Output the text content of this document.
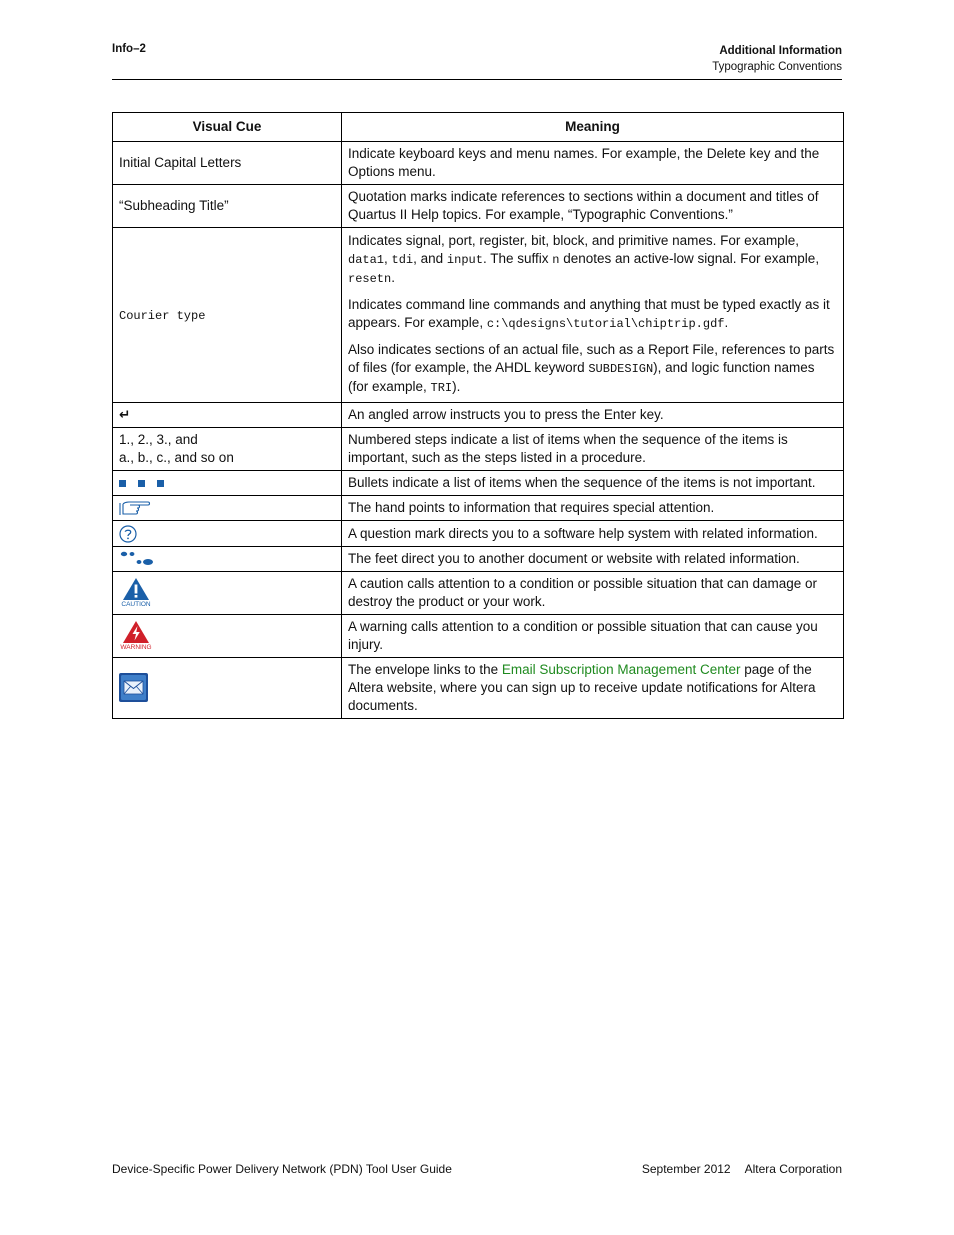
Info–2	Additional Information
Typographic Conventions
Visual Cue	Meaning
Initial Capital Letters	Indicate keyboard keys and menu names. For example, the Delete key and the Options menu.
“Subheading Title”	Quotation marks indicate references to sections within a document and titles of Quartus II Help topics. For example, “Typographic Conventions.”
Courier type	Indicates signal, port, register, bit, block, and primitive names. For example, data1, tdi, and input. The suffix n denotes an active-low signal. For example, resetn.

Indicates command line commands and anything that must be typed exactly as it appears. For example, c:\qdesigns\tutorial\chiptrip.gdf.

Also indicates sections of an actual file, such as a Report File, references to parts of files (for example, the AHDL keyword SUBDESIGN), and logic function names (for example, TRI).

↵	An angled arrow instructs you to press the Enter key.

1., 2., 3., and
a., b., c., and so on	Numbered steps indicate a list of items when the sequence of the items is important, such as the steps listed in a procedure.
	Bullets indicate a list of items when the sequence of the items is not important.
	The hand points to information that requires special attention.
	A question mark directs you to a software help system with related information.
	The feet direct you to another document or website with related information.

CAUTION	A caution calls attention to a condition or possible situation that can damage or destroy the product or your work.

WARNING	A warning calls attention to a condition or possible situation that can cause you injury.
	The envelope links to the Email Subscription Management Center page of the Altera website, where you can sign up to receive update notifications for Altera documents.
Device-Specific Power Delivery Network (PDN) Tool User Guide	September 2012 Altera Corporation
